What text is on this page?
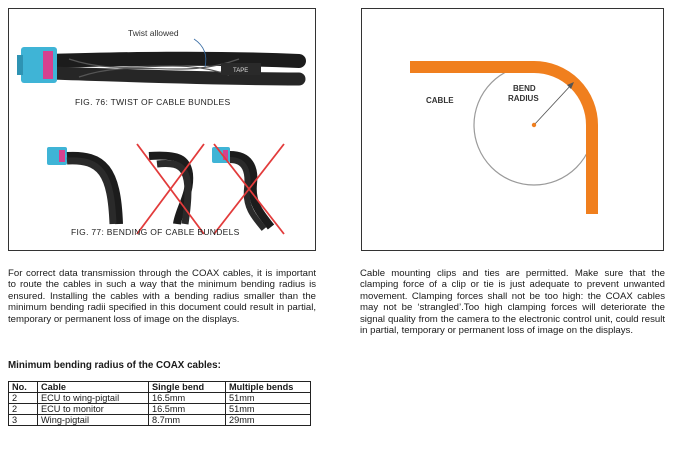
Twist allowed
TAPE
FIG. 76: TWIST OF CABLE BUNDLES
FIG. 77: BENDING OF CABLE BUNDELS
CABLE
BEND
RADIUS

For correct data transmission through the COAX cables, it is important to route the cables in such a way that the minimum bending radius is ensured. Installing the cables with a bending radius smaller than the minimum bending radii specified in this document could result in partial, temporary or permanent loss of image on the displays.

Cable mounting clips and ties are permitted. Make sure that the clamping force of a clip or tie is just adequate to prevent unwanted movement. Clamping forces shall not be too high: the COAX cables may not be ‘strangled’.Too high clamping forces will deteriorate the signal quality from the camera to the electronic control unit, could result in partial, temporary or permanent loss of image on the displays.

Minimum bending radius of the COAX cables:
No.	Cable	Single bend	Multiple bends
2	ECU to wing-pigtail	16.5mm	51mm
2	ECU to monitor	16.5mm	51mm
3	Wing-pigtail	8.7mm	29mm
